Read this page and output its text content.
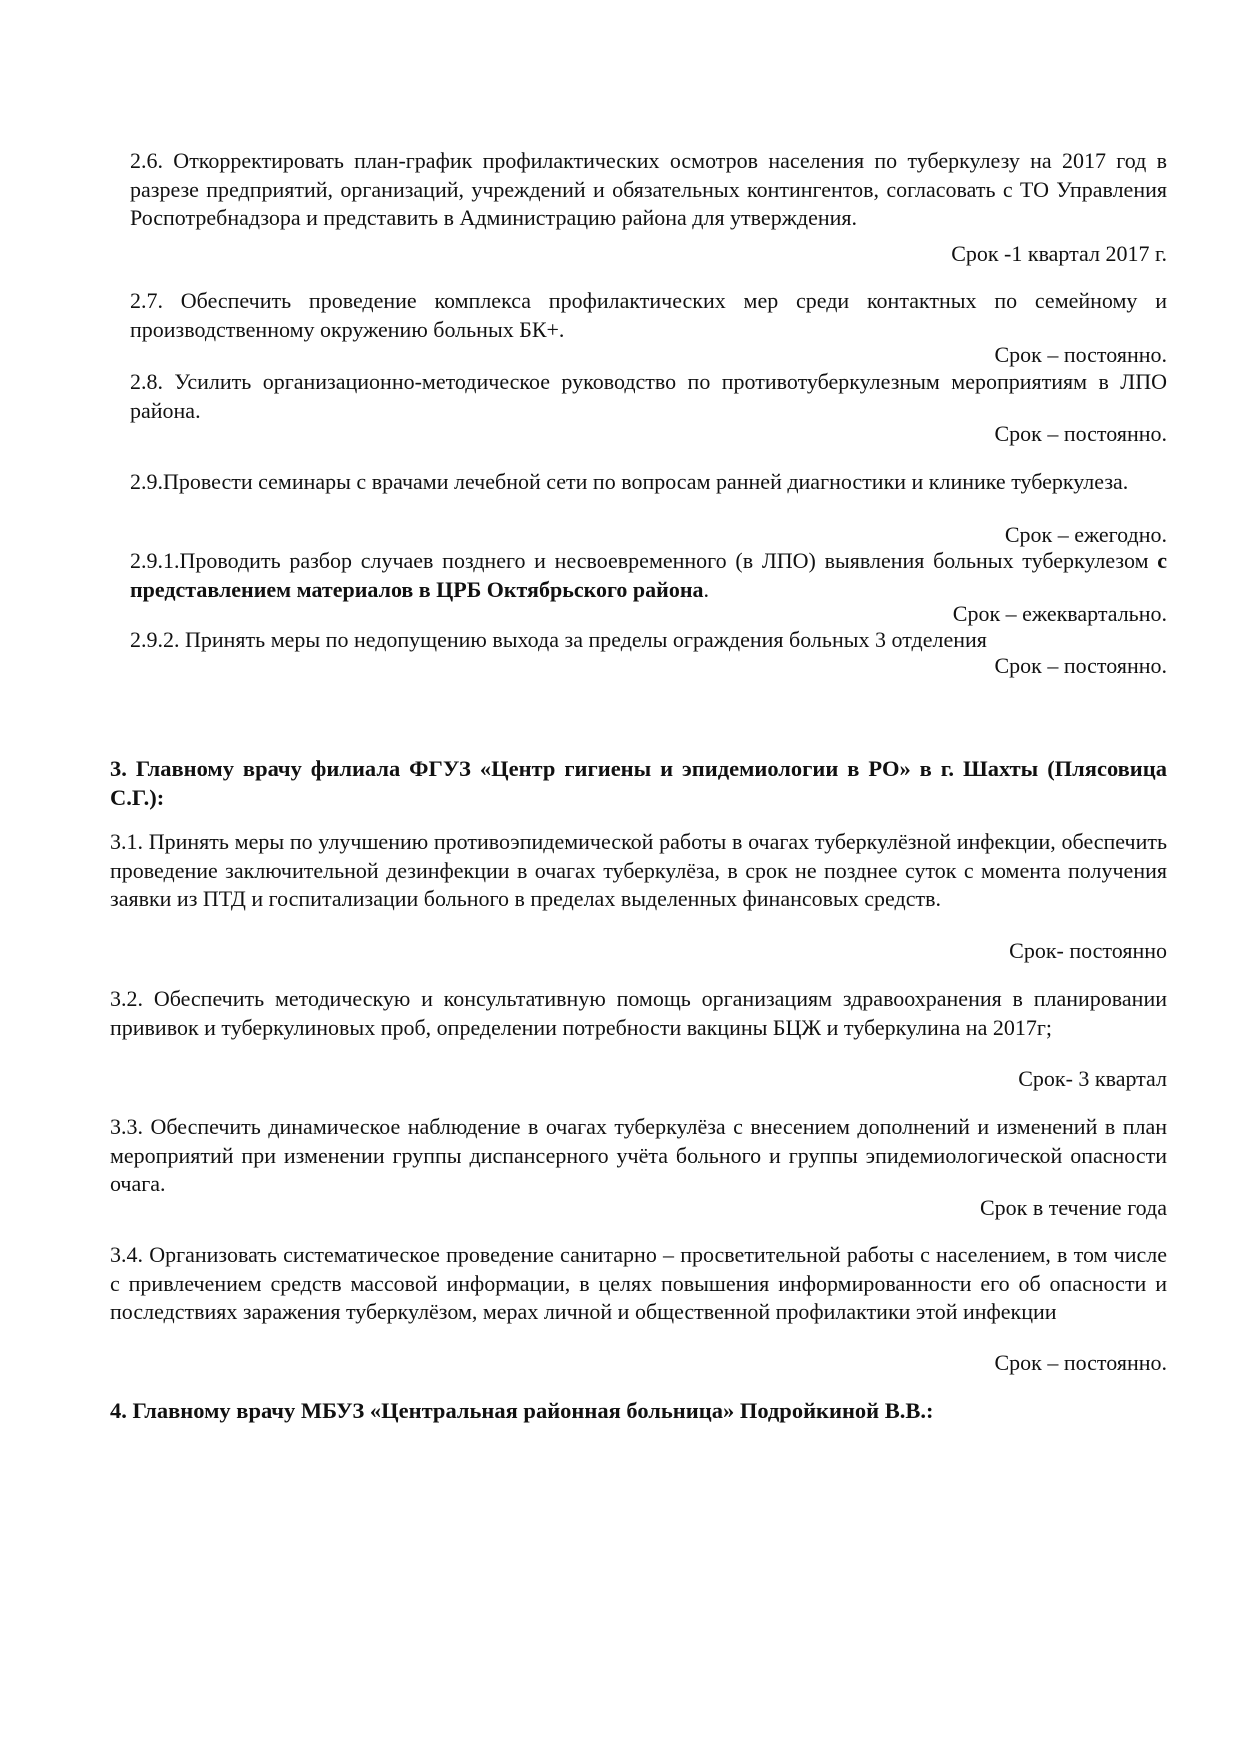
2.6. Откорректировать план-график профилактических осмотров населения по туберкулезу на 2017 год в разрезе предприятий, организаций, учреждений и обязательных контингентов, согласовать с ТО Управления Роспотребнадзора и представить в Администрацию района для утверждения.

Срок -1 квартал 2017 г.

2.7. Обеспечить проведение комплекса профилактических мер среди контактных по семейному и производственному окружению больных БК+.

Срок – постоянно.

2.8. Усилить организационно-методическое руководство по противотуберкулезным мероприятиям в ЛПО района.

Срок – постоянно.

2.9.Провести семинары с врачами лечебной сети по вопросам ранней диагностики и клинике туберкулеза.

Срок – ежегодно.

2.9.1.Проводить разбор случаев позднего и несвоевременного (в ЛПО) выявления больных туберкулезом с представлением материалов в ЦРБ Октябрьского района.

Срок – ежеквартально.

2.9.2. Принять меры по недопущению выхода за пределы ограждения больных 3 отделения

Срок – постоянно.

3. Главному врачу филиала ФГУЗ «Центр гигиены и эпидемиологии в РО» в г. Шахты (Плясовица С.Г.):

3.1. Принять меры по улучшению противоэпидемической работы в очагах туберкулёзной инфекции, обеспечить проведение заключительной дезинфекции в очагах туберкулёза, в срок не позднее суток с момента получения заявки из ПТД и госпитализации больного в пределах выделенных финансовых средств.

Срок- постоянно

3.2. Обеспечить методическую и консультативную помощь организациям здравоохранения в планировании прививок и туберкулиновых проб, определении потребности вакцины БЦЖ и туберкулина на 2017г;

Срок- 3 квартал

3.3. Обеспечить динамическое наблюдение в очагах туберкулёза с внесением дополнений и изменений в план мероприятий при изменении группы диспансерного учёта больного и группы эпидемиологической опасности очага.

Срок в течение года

3.4. Организовать систематическое проведение санитарно – просветительной работы с населением, в том числе с привлечением средств массовой информации, в целях повышения информированности его об опасности и последствиях заражения туберкулёзом, мерах личной и общественной профилактики этой инфекции

Срок – постоянно.

4. Главному врачу МБУЗ «Центральная районная больница» Подройкиной В.В.:
